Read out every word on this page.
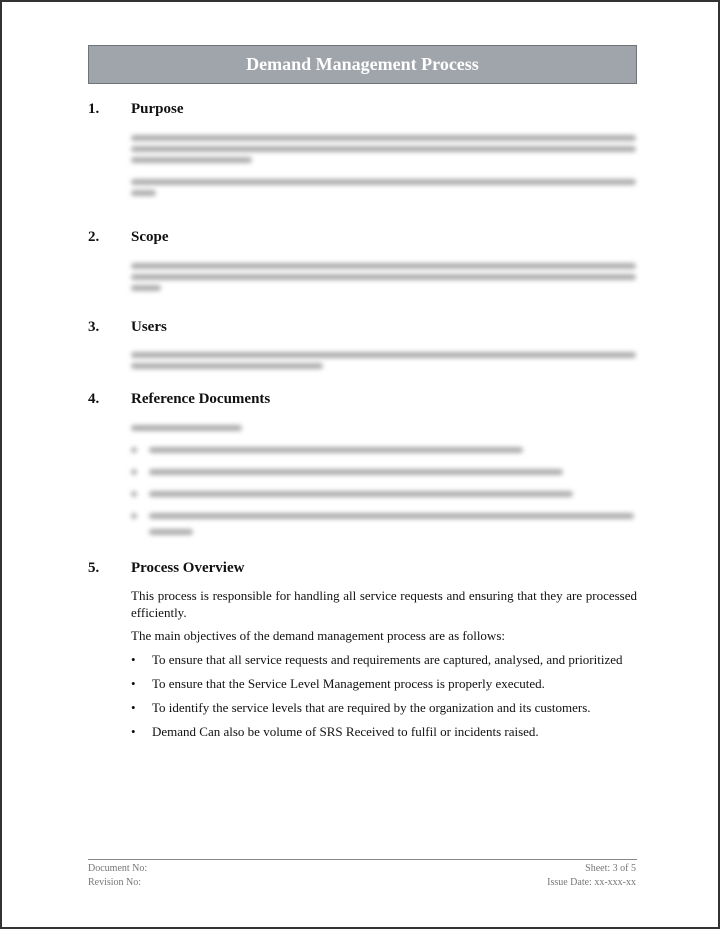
Demand Management Process
1.	Purpose
2.	Scope
3.	Users
4.	Reference Documents
5.	Process Overview
This process is responsible for handling all service requests and ensuring that they are processed efficiently.
The main objectives of the demand management process are as follows:
• To ensure that all service requests and requirements are captured, analysed, and prioritized
• To ensure that the Service Level Management process is properly executed.
• To identify the service levels that are required by the organization and its customers.
• Demand Can also be volume of SRS Received to fulfil or incidents raised.
Document No:
Revision No:
Sheet: 3 of 5
Issue Date: xx-xxx-xx
